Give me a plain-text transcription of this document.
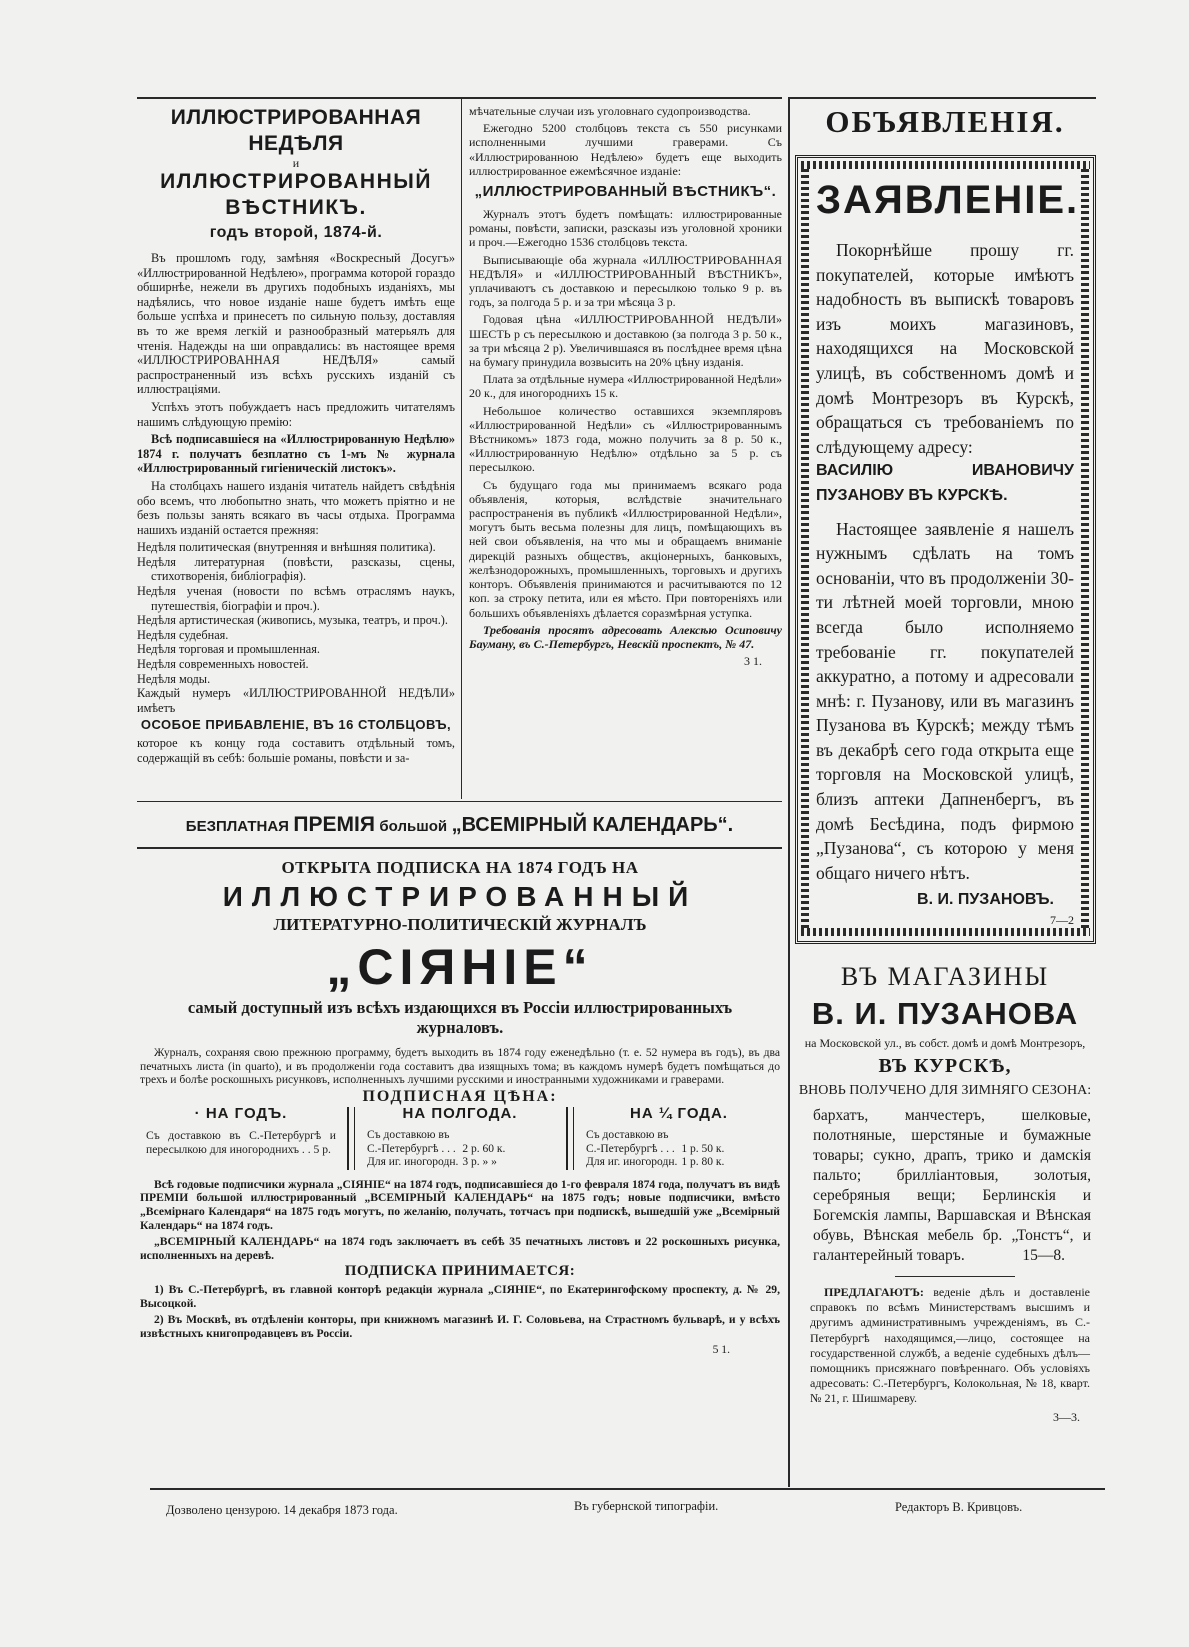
ИЛЛЮСТРИРОВАННАЯ НЕДѢЛЯ
и
ИЛЛЮСТРИРОВАННЫЙ ВѢСТНИКЪ.
годъ второй, 1874-й.

Въ прошломъ году, замѣняя «Воскресный Досугъ» «Иллюстрированной Недѣлею», программа которой гораздо обширнѣе, нежели въ другихъ подобныхъ изданiяхъ, мы надѣялись, что новое изданiе наше будетъ имѣть еще больше успѣха и принесетъ по сильную пользу, доставляя въ то же время легкiй и разнообразный матерьялъ для чтенiя. Надежды на ши оправдались: въ настоящее время «ИЛЛЮСТРИРОВАННАЯ НЕДѢЛЯ» самый распространенный изъ всѣхъ русскихъ изданiй съ иллюстрацiями.

Успѣхъ этотъ побуждаетъ насъ предложить читателямъ нашимъ слѣдующую премiю:

Всѣ подписавшiеся на «Иллюстрированную Недѣлю» 1874 г. получатъ безплатно съ 1-мъ № журнала «Иллюстрированный гигiеническiй листокъ».

На столбцахъ нашего изданiя читатель найдетъ свѣдѣнiя обо всемъ, что любопытно знать, что можетъ прiятно и не безъ пользы занять всякаго въ часы отдыха. Программа нашихъ изданiй остается прежняя:

Недѣля политическая (внутренняя и внѣшняя политика).
Недѣля литературная (повѣсти, разсказы, сцены, стихотворенiя, библiографiя).
Недѣля ученая (новости по всѣмъ отраслямъ наукъ, путешествiя, бiографiи и проч.).
Недѣля артистическая (живопись, музыка, театръ, и проч.).
Недѣля судебная.
Недѣля торговая и промышленная.
Недѣля современныхъ новостей.
Недѣля моды.

Каждый нумеръ «ИЛЛЮСТРИРОВАННОЙ НЕДѢЛИ» имѣетъ

ОСОБОЕ ПРИБАВЛЕНIЕ, ВЪ 16 СТОЛБЦОВЪ,

которое къ концу года составитъ отдѣльный томъ, содержащiй въ себѣ: большiе романы, повѣсти и за-

мѣчательные случаи изъ уголовнаго судопроизводства.

Ежегодно 5200 столбцовъ текста съ 550 рисунками исполненными лучшими граверами. Съ «Иллюстрированною Недѣлею» будетъ еще выходить иллюстрированное ежемѣсячное изданiе:

„ИЛЛЮСТРИРОВАННЫЙ ВѢСТНИКЪ“.

Журналъ этотъ будетъ помѣщать: иллюстрированные романы, повѣсти, записки, разсказы изъ уголовной хроники и проч.—Ежегодно 1536 столбцовъ текста.

Выписывающiе оба журнала «ИЛЛЮСТРИРОВАННАЯ НЕДѢЛЯ» и «ИЛЛЮСТРИРОВАННЫЙ ВѢСТНИКЪ», уплачиваютъ съ доставкою и пересылкою только 9 р. въ годъ, за полгода 5 р. и за три мѣсяца 3 р.

Годовая цѣна «ИЛЛЮСТРИРОВАННОЙ НЕДѢЛИ» ШЕСТЬ р съ пересылкою и доставкою (за полгода 3 р. 50 к., за три мѣсяца 2 р). Увеличившаяся въ послѣднее время цѣна на бумагу принудила возвысить на 20% цѣну изданiя.

Плата за отдѣльные нумера «Иллюстрированной Недѣли» 20 к., для иногороднихъ 15 к.

Небольшое количество оставшихся экземпляровъ «Иллюстрированной Недѣли» съ «Иллюстрированнымъ Вѣстникомъ» 1873 года, можно получить за 8 р. 50 к., «Иллюстрированную Недѣлю» отдѣльно за 5 р. съ пересылкою.

Съ будущаго года мы принимаемъ всякаго рода объявленiя, которыя, вслѣдствiе значительнаго распространенiя въ публикѣ «Иллюстрированной Недѣли», могутъ быть весьма полезны для лицъ, помѣщающихъ въ ней свои объявленiя, на что мы и обращаемъ вниманiе дирекцiй разныхъ обществъ, акцiонерныхъ, банковыхъ, желѣзнодорожныхъ, промышленныхъ, торговыхъ и другихъ конторъ. Объявленiя принимаются и расчитываются по 12 коп. за строку петита, или ея мѣсто. При повторенiяхъ или большихъ объявленiяхъ дѣлается соразмѣрная уступка.

Требованiя просятъ адресовать Алексѣю Осиповичу Бауману, въ С.-Петербургъ, Невскiй проспектъ, № 47.

3 1.
БЕЗПЛАТНАЯ ПРЕМIЯ большой „ВСЕМIРНЫЙ КАЛЕНДАРЬ“.
ОТКРЫТА ПОДПИСКА НА 1874 ГОДЪ НА
ИЛЛЮСТРИРОВАННЫЙ
ЛИТЕРАТУРНО-ПОЛИТИЧЕСКIЙ ЖУРНАЛЪ
„СIЯНIЕ“
самый доступный изъ всѣхъ издающихся въ Россiи иллюстрированныхъ журналовъ.

Журналъ, сохраняя свою прежнюю программу, будетъ выходить въ 1874 году еженедѣльно (т. е. 52 нумера въ годъ), въ два печатныхъ листа (in quarto), и въ продолженiи года составитъ два изящныхъ тома; въ каждомъ нумерѣ будетъ помѣщаться до трехъ и болѣе роскошныхъ рисунковъ, исполненныхъ лучшими русскими и иностранными художниками и граверами.

ПОДПИСНАЯ ЦѢНА:
· НА ГОДЪ.
Съ доставкою въ С.-Петербургѣ и пересылкою для иногороднихъ . . 5 р.
НА ПОЛГОДА.
Съ доставкою въ	
С.-Петербургѣ . . .	2 р. 60 к.
Для иг. иногородн.	3 р. » »
НА ¼ ГОДА.
Съ доставкою въ	
С.-Петербургѣ . . .	1 р. 50 к.
Для иг. иногородн.	1 р. 80 к.

Всѣ годовые подписчики журнала „СIЯНIЕ“ на 1874 годъ, подписавшiеся до 1-го февраля 1874 года, получатъ въ видѣ ПРЕМIИ большой иллюстрированный „ВСЕМIРНЫЙ КАЛЕНДАРЬ“ на 1875 годъ; новые подписчики, вмѣсто „Всемiрнаго Календаря“ на 1875 годъ могутъ, по желанiю, получать, тотчасъ при подпискѣ, вышедшiй уже „Всемiрный Календарь“ на 1874 годъ.

„ВСЕМIРНЫЙ КАЛЕНДАРЬ“ на 1874 годъ заключаетъ въ себѣ 35 печатныхъ листовъ и 22 роскошныхъ рисунка, исполненныхъ на деревѣ.

ПОДПИСКА ПРИНИМАЕТСЯ:

1) Въ С.-Петербургѣ, въ главной конторѣ редакцiи журнала „СIЯНIЕ“, по Екатерингофскому проспекту, д. № 29, Высоцкой.

2) Въ Москвѣ, въ отдѣленiи конторы, при книжномъ магазинѣ И. Г. Соловьева, на Страстномъ бульварѣ, и у всѣхъ извѣстныхъ книгопродавцевъ въ Россiи.

5 1.
ОБЪЯВЛЕНIЯ.
ЗАЯВЛЕНIЕ.

Покорнѣйше прошу гг. покупателей, которые имѣютъ надобность въ выпискѣ товаровъ изъ моихъ магазиновъ, находящихся на Московской улицѣ, въ собственномъ домѣ и домѣ Монтрезоръ въ Курскѣ, обращаться съ требованiемъ по слѣдующему адресу:

ВАСИЛIЮ ИВАНОВИЧУ ПУЗАНОВУ ВЪ КУРСКѢ.

Настоящее заявленiе я нашелъ нужнымъ сдѣлать на томъ основанiи, что въ продолженiи 30-ти лѣтней моей торговли, мною всегда было исполняемо требованiе гг. покупателей аккуратно, а потому и адресовали мнѣ: г. Пузанову, или въ магазинъ Пузанова въ Курскѣ; между тѣмъ въ декабрѣ сего года открыта еще торговля на Московской улицѣ, близъ аптеки Дапненбергъ, въ домѣ Бесѣдина, подъ фирмою „Пузанова“, съ которою у меня общаго ничего нѣтъ.

В. И. ПУЗАНОВЪ.
7—2
ВЪ МАГАЗИНЫ
В. И. ПУЗАНОВА
на Московской ул., въ собст. домѣ и домѣ Монтрезоръ,
ВЪ КУРСКѢ,
ВНОВЬ ПОЛУЧЕНО ДЛЯ ЗИМНЯГО СЕЗОНА:

бархатъ, манчестеръ, шелковые, полотняные, шерстяные и бумажные товары; сукно, драпъ, трико и дамскiя пальто; бриллiантовыя, золотыя, серебряныя вещи; Берлинскiя и Богемскiя лампы, Варшавская и Вѣнская обувь, Вѣнская мебель бр. „Тонстъ“, и галантерейный товаръ.	15—8.

ПРЕДЛАГАЮТЪ: веденiе дѣлъ и доставленiе справокъ по всѣмъ Министерствамъ высшимъ и другимъ административнымъ учрежденiямъ, въ С.-Петербургѣ находящимся,—лицо, состоящее на государственной службѣ, а веденiе судебныхъ дѣлъ—помощникъ присяжнаго повѣреннаго. Объ условiяхъ адресовать: С.-Петербургъ, Колокольная, № 18, кварт. № 21, г. Шишмареву.

3—3.
Дозволено цензурою. 14 декабря 1873 года.	Въ губернской типографiи.	Редакторъ В. Кривцовъ.
